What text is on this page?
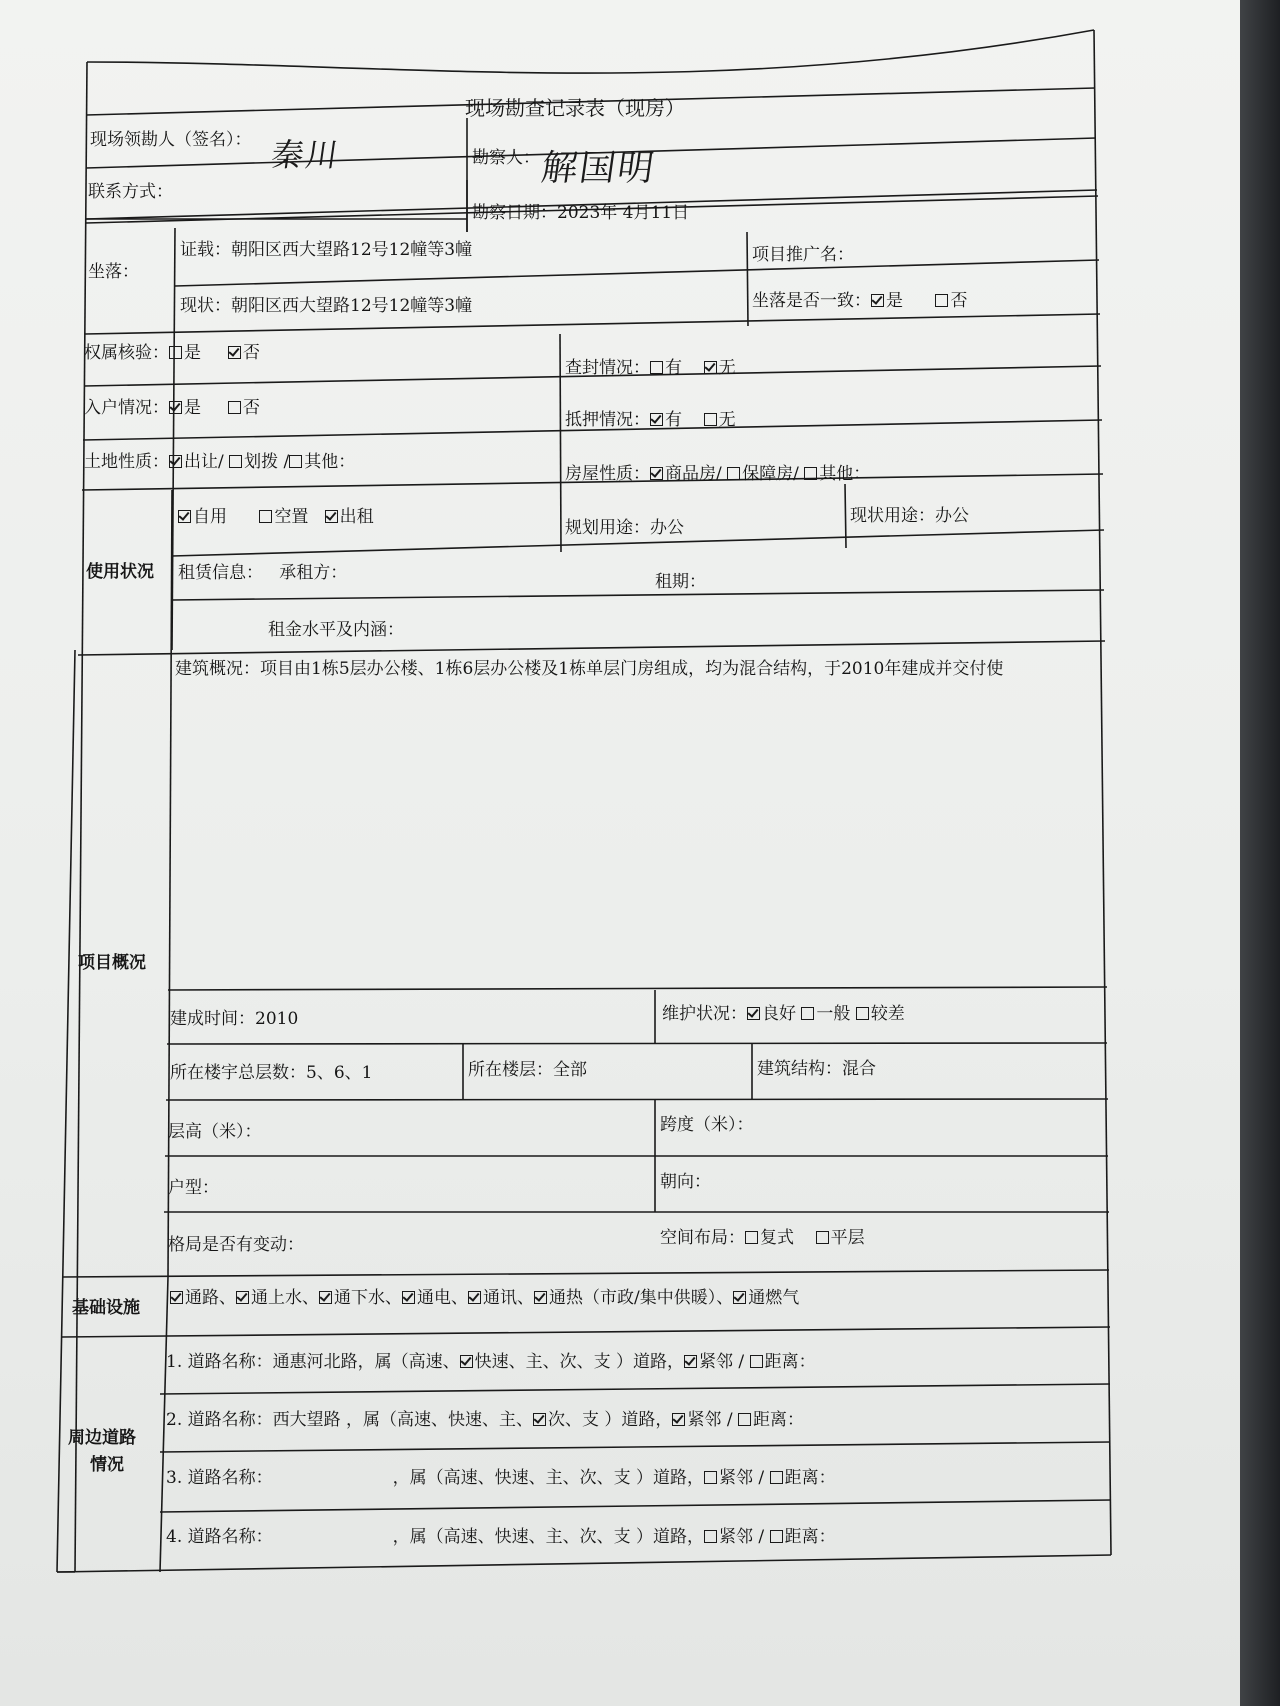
现场勘查记录表（现房）
现场领勘人（签名）： 秦川	勘察人：
解国明
联系方式：
勘察日期：2023年 4月11日
坐落：
证载：朝阳区西大望路12号12幢等3幢
现状：朝阳区西大望路12号12幢等3幢
项目推广名：
坐落是否一致： 是	否
权属核验： 是 否
查封情况： 有 无
入户情况： 是 否
抵押情况： 有 无
土地性质： 出让/ 划拨 / 其他：
房屋性质： 商品房/ 保障房/ 其他：
使用状况
自用	空置 出租
规划用途：办公
现状用途：办公
租赁信息： 承租方：	租期：
租金水平及内涵：
项目概况
建筑概况：项目由1栋5层办公楼、1栋6层办公楼及1栋单层门房组成，均为混合结构，于2010年建成并交付使
建成时间：2010	维护状况： 良好 一般 较差
所在楼宇总层数：5、6、1	所在楼层：全部	建筑结构：混合
层高（米）：	跨度（米）：
户型：	朝向：
格局是否有变动：	空间布局： 复式 平层
基础设施	通路、 通上水、 通下水、 通电、 通讯、 通热（市政/集中供暖）、 通燃气
周边道路
情况
1. 道路名称：通惠河北路，属（高速、 快速、主、次、支 ）道路， 紧邻 / 距离：
2. 道路名称：西大望路 ，属（高速、快速、主、 次、支 ）道路， 紧邻 / 距离：
3. 道路名称：	，属（高速、快速、主、次、支 ）道路， 紧邻 / 距离：
4. 道路名称：	，属（高速、快速、主、次、支 ）道路， 紧邻 / 距离：
